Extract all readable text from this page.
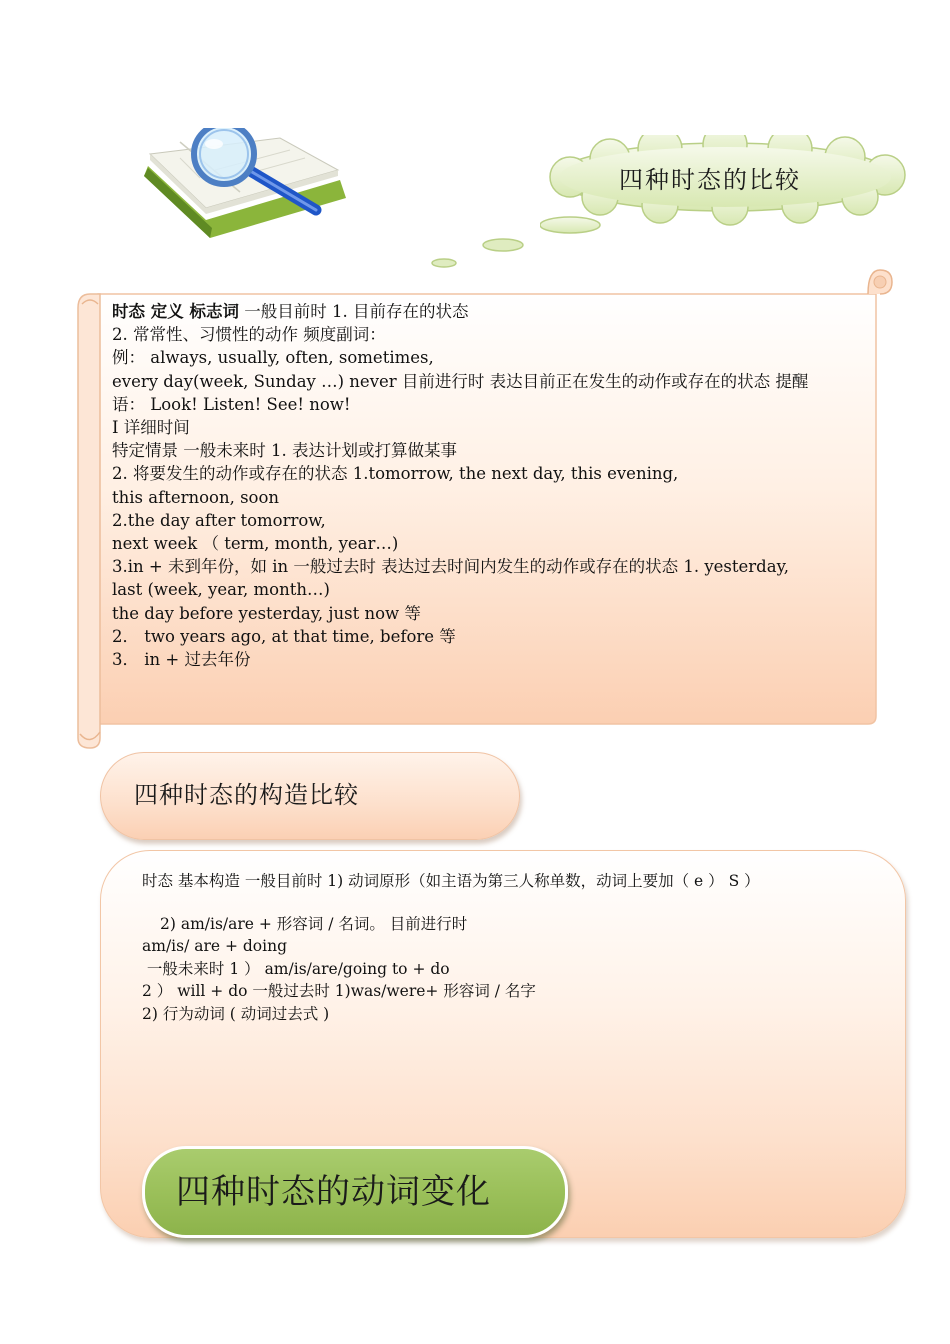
四种时态的比较
时态 定义 标志词 一般目前时 1. 目前存在的状态
2. 常常性、习惯性的动作 频度副词：
例： always, usually, often, sometimes,
every day(week, Sunday …) never 目前进行时 表达目前正在发生的动作或存在的状态 提醒
语： Look! Listen! See! now!
I 详细时间
特定情景 一般未来时 1. 表达计划或打算做某事
2. 将要发生的动作或存在的状态 1.tomorrow, the next day, this evening,
this afternoon, soon
2.the day after tomorrow,
next week （ term, month, year…)
3.in + 未到年份，如 in 一般过去时 表达过去时间内发生的动作或存在的状态 1. yesterday,
last (week, year, month…)
the day before yesterday, just now 等
2． two years ago, at that time, before 等
3． in + 过去年份
四种时态的构造比较
时态 基本构造 一般目前时 1) 动词原形（如主语为第三人称单数，动词上要加（ e ） S ）
2) am/is/are + 形容词 / 名词。 目前进行时
am/is/ are + doing
一般未来时 1 ） am/is/are/going to + do
2 ） will + do 一般过去时 1)was/were+ 形容词 / 名字
2) 行为动词 ( 动词过去式 )
四种时态的动词变化
